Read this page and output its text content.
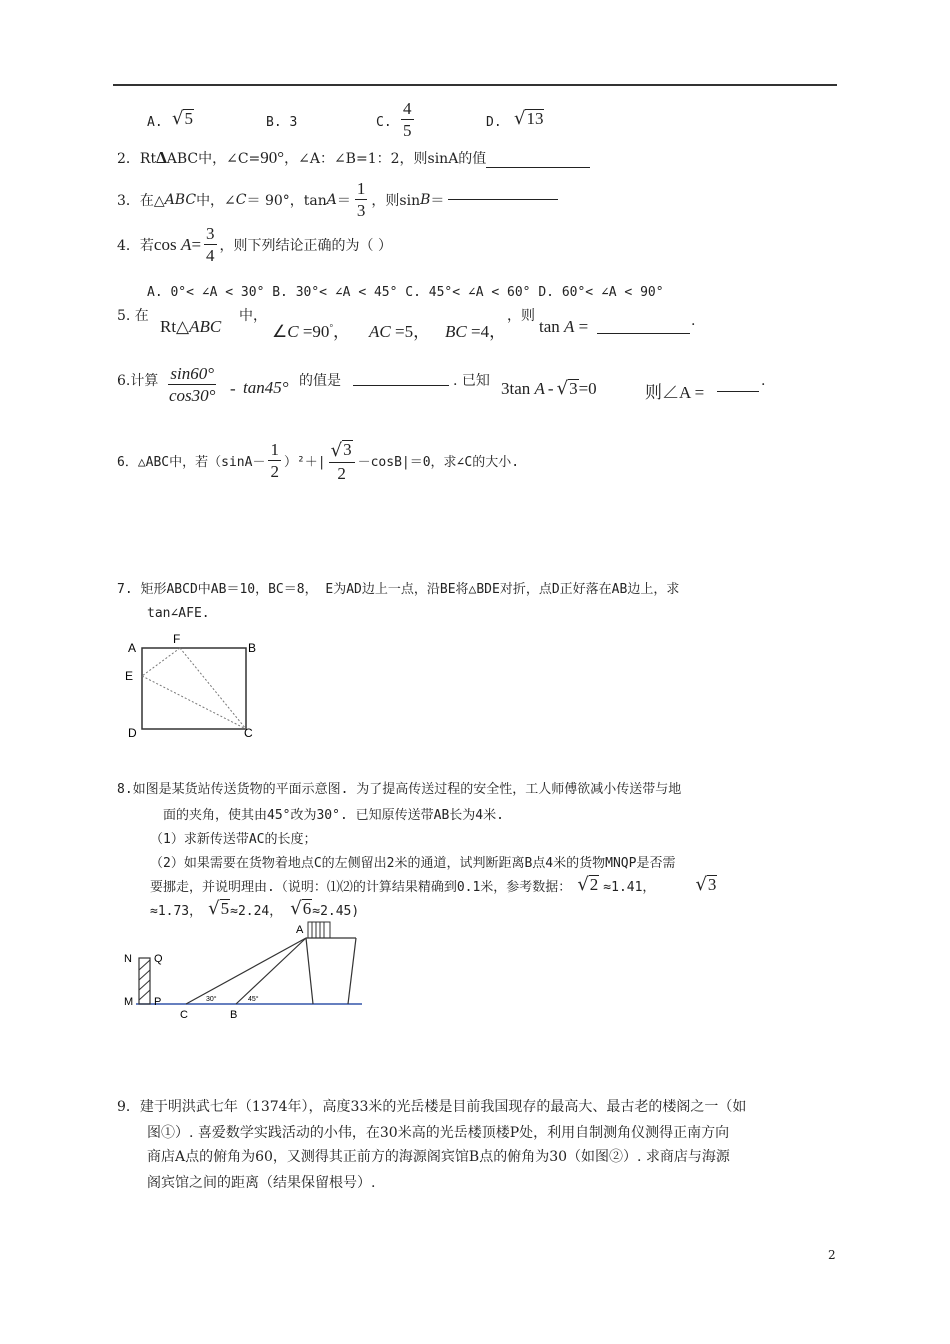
A. √ 5	B. 3	C. $\frac{4}{5}$	D. √ 13
2．RtΔABC中，∠C=90°，∠A：∠B=1：2，则sinA的值
3．在△ ABC 中，∠ C ＝ 90°，$\tan A = \frac{1}{3}$ ，则sin B ＝
4．若 cos
$A = \frac{3}{4}$ ，则下列结论正确的为（ ）
A. 0°< ∠A < 30° B. 30°< ∠A < 45° C. 45°< ∠A < 60° D. 60°< ∠A < 90°
5. 在
Rt△ABC
中，
∠C =90°， AC =5， BC =4，
，则
tan A =	.
6.计算 $\frac{\sin 60^\circ}{\cos 30^\circ} - \tan 45^\circ$ 的值是	. 已知 3tan
A - √ 3 =0	则∠A =
.
6．△ABC中，若$(\sin A- \frac{1}{2} )^2+| \frac{√ 3}{2} -\cos B|=0$，求∠C的大小.
7. 矩形ABCD中AB＝10，BC＝8， E为AD边上一点，沿BE将△BDE对折，点D正好落在AB边上，求
tan∠AFE.
A
F
B
E
D	C
8.如图是某货站传送货物的平面示意图. 为了提高传送过程的安全性，工人师傅欲减小传送带与地
面的夹角，使其由45°改为30°. 已知原传送带AB长为4米.
（1）求新传送带AC的长度；
（2）如果需要在货物着地点C的左侧留出2米的通道，试判断距离B点4米的货物MNQP是否需
要挪走，并说明理由.（说明：⑴⑵的计算结果精确到0.1米，参考数据： √ 2 ≈1.41， √ 3
≈1.73， √ 5 ≈2.24， √ 6 ≈2.45)
N Q
M P
A
C	B
30°	45°
9．建于明洪武七年（1374年），高度33米的光岳楼是目前我国现存的最高大、最古老的楼阁之一（如
图①）. 喜爱数学实践活动的小伟，在30米高的光岳楼顶楼P处，利用自制测角仪测得正南方向
商店A点的俯角为60，又测得其正前方的海源阁宾馆B点的俯角为30（如图②）. 求商店与海源
阁宾馆之间的距离（结果保留根号）.
2
